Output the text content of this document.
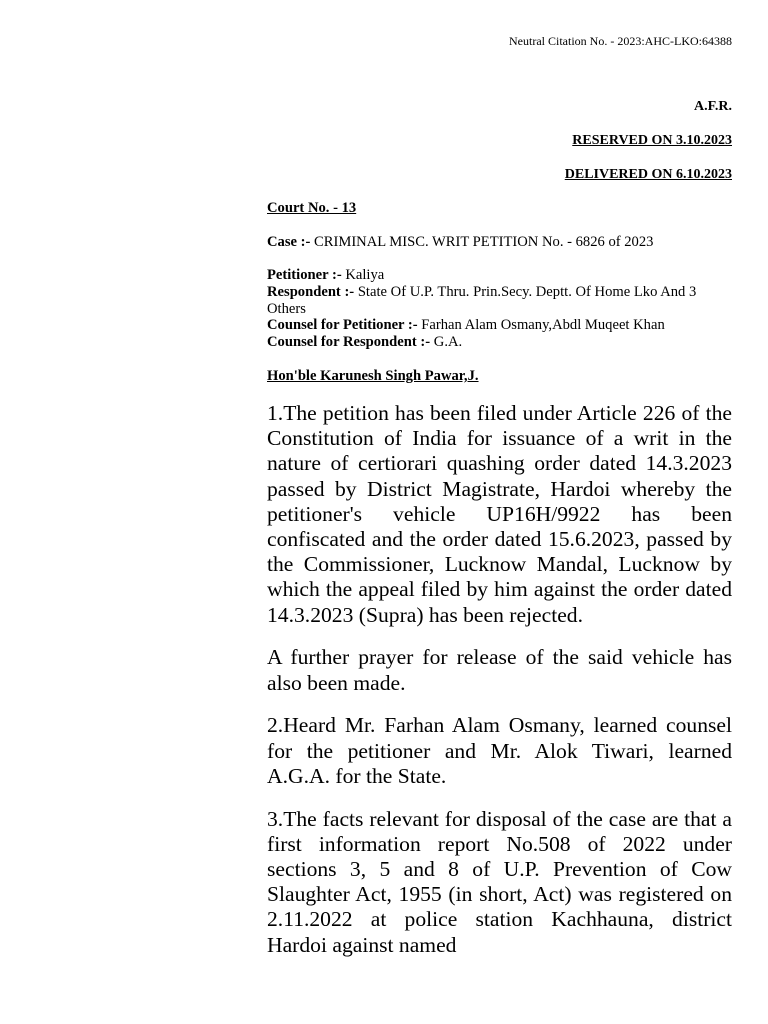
Neutral Citation No. - 2023:AHC-LKO:64388
A.F.R.
RESERVED ON 3.10.2023
DELIVERED ON 6.10.2023
Court No. - 13
Case :- CRIMINAL MISC. WRIT PETITION No. - 6826 of 2023
Petitioner :- Kaliya
Respondent :- State Of U.P. Thru. Prin.Secy. Deptt. Of Home Lko And 3 Others
Counsel for Petitioner :- Farhan Alam Osmany,Abdl Muqeet Khan
Counsel for Respondent :- G.A.
Hon'ble Karunesh Singh Pawar,J.

1.The petition has been filed under Article 226 of the Constitution of India for issuance of a writ in the nature of certiorari quashing order dated 14.3.2023 passed by District Magistrate, Hardoi whereby the petitioner's vehicle UP16H/9922 has been confiscated and the order dated 15.6.2023, passed by the Commissioner, Lucknow Mandal, Lucknow by which the appeal filed by him against the order dated 14.3.2023 (Supra) has been rejected.

A further prayer for release of the said vehicle has also been made.

2.Heard Mr. Farhan Alam Osmany, learned counsel for the petitioner and Mr. Alok Tiwari, learned A.G.A. for the State.

3.The facts relevant for disposal of the case are that a first information report No.508 of 2022 under sections 3, 5 and 8 of U.P. Prevention of Cow Slaughter Act, 1955 (in short, Act) was registered on 2.11.2022 at police station Kachhauna, district Hardoi against named
